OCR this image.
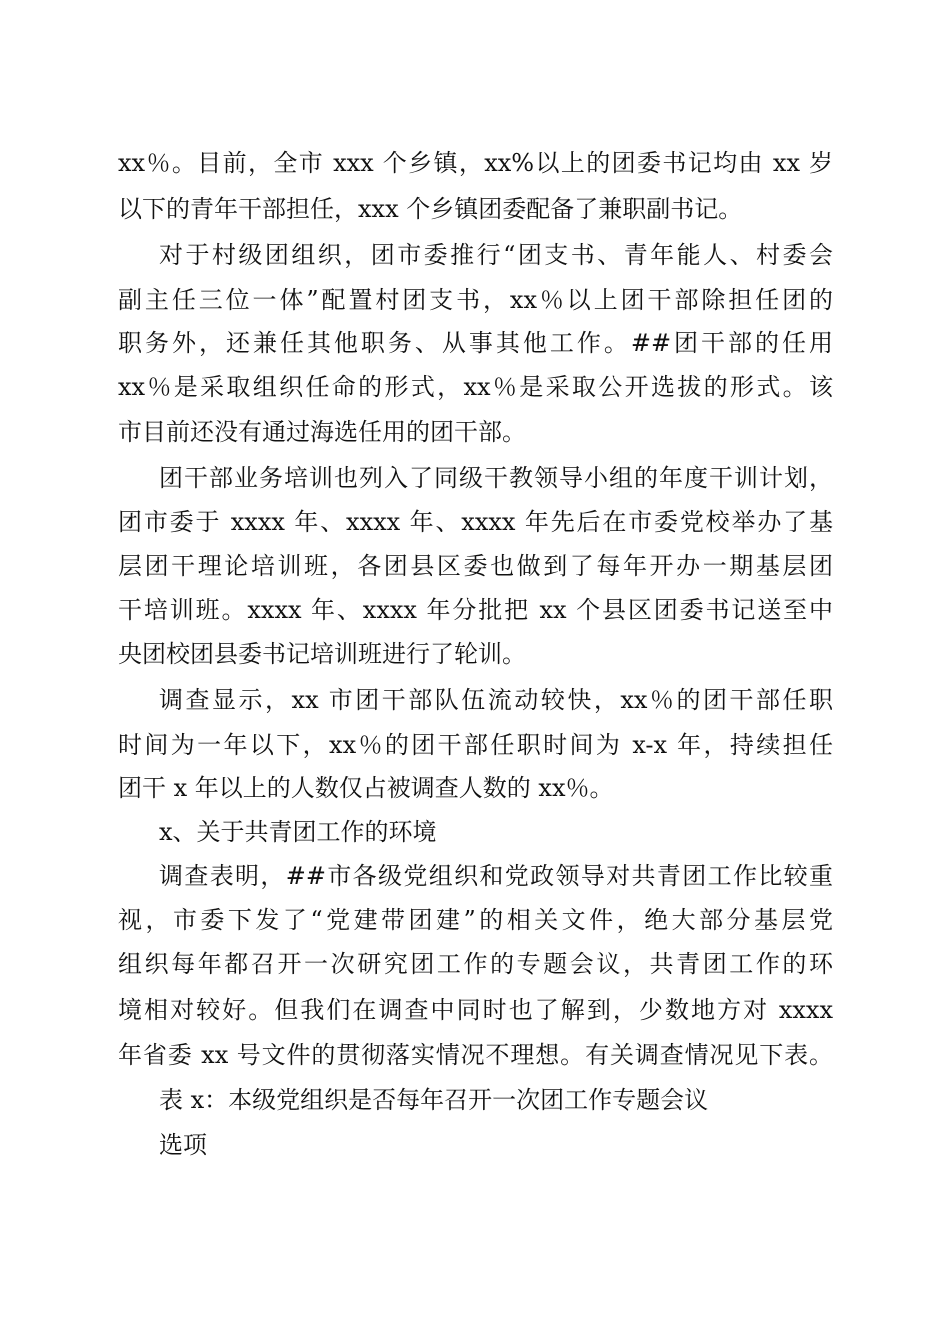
xx％。目前，全市 xxx 个乡镇，xx%以上的团委书记均由 xx 岁
以下的青年干部担任，xxx 个乡镇团委配备了兼职副书记。
对于村级团组织，团市委推行“团支书、青年能人、村委会
副主任三位一体”配置村团支书，xx％以上团干部除担任团的
职务外，还兼任其他职务、从事其他工作。##团干部的任用
xx％是采取组织任命的形式，xx％是采取公开选拔的形式。该
市目前还没有通过海选任用的团干部。
团干部业务培训也列入了同级干教领导小组的年度干训计划，
团市委于 xxxx 年、xxxx 年、xxxx 年先后在市委党校举办了基
层团干理论培训班，各团县区委也做到了每年开办一期基层团
干培训班。xxxx 年、xxxx 年分批把 xx 个县区团委书记送至中
央团校团县委书记培训班进行了轮训。
调查显示，xx 市团干部队伍流动较快，xx％的团干部任职
时间为一年以下，xx％的团干部任职时间为 x-x 年，持续担任
团干 x 年以上的人数仅占被调查人数的 xx％。
x、关于共青团工作的环境
调查表明，##市各级党组织和党政领导对共青团工作比较重
视，市委下发了“党建带团建”的相关文件，绝大部分基层党
组织每年都召开一次研究团工作的专题会议，共青团工作的环
境相对较好。但我们在调查中同时也了解到，少数地方对 xxxx
年省委 xx 号文件的贯彻落实情况不理想。有关调查情况见下表。
表 x：本级党组织是否每年召开一次团工作专题会议
选项
